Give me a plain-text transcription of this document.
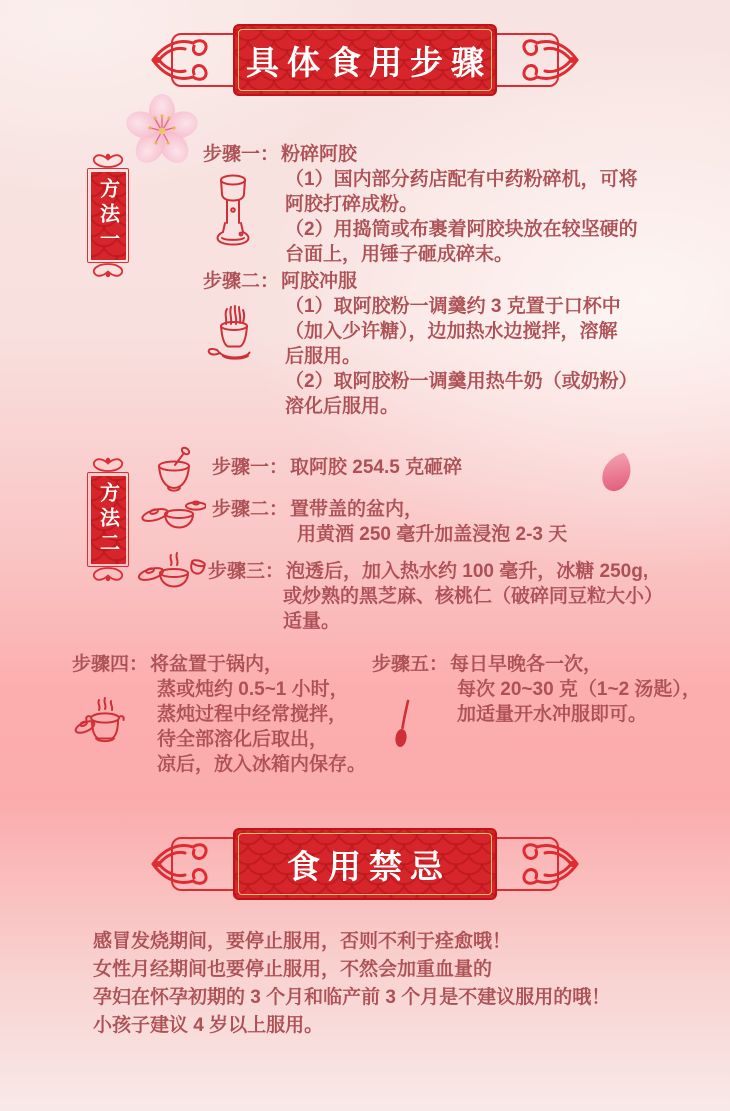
具体食用步骤
方法一
步骤一： 粉碎阿胶
（1）国内部分药店配有中药粉碎机，可将
阿胶打碎成粉。
（2）用捣筒或布裹着阿胶块放在较坚硬的
台面上，用锤子砸成碎末。
步骤二： 阿胶冲服
（1）取阿胶粉一调羹约 3 克置于口杯中
（加入少许糖），边加热水边搅拌，溶解
后服用。
（2）取阿胶粉一调羹用热牛奶（或奶粉）
溶化后服用。
方法二
步骤一： 取阿胶 254.5 克砸碎
步骤二： 置带盖的盆内，
用黄酒 250 毫升加盖浸泡 2-3 天
步骤三： 泡透后，加入热水约 100 毫升，冰糖 250g,
或炒熟的黑芝麻、核桃仁（破碎同豆粒大小）
适量。
步骤四： 将盆置于锅内，
蒸或炖约 0.5~1 小时，
蒸炖过程中经常搅拌，
待全部溶化后取出，
凉后，放入冰箱内保存。
步骤五： 每日早晚各一次，
每次 20~30 克（1~2 汤匙），
加适量开水冲服即可。
食用禁忌
感冒发烧期间，要停止服用，否则不利于痊愈哦！
女性月经期间也要停止服用，不然会加重血量的
孕妇在怀孕初期的 3 个月和临产前 3 个月是不建议服用的哦！
小孩子建议 4 岁以上服用。
